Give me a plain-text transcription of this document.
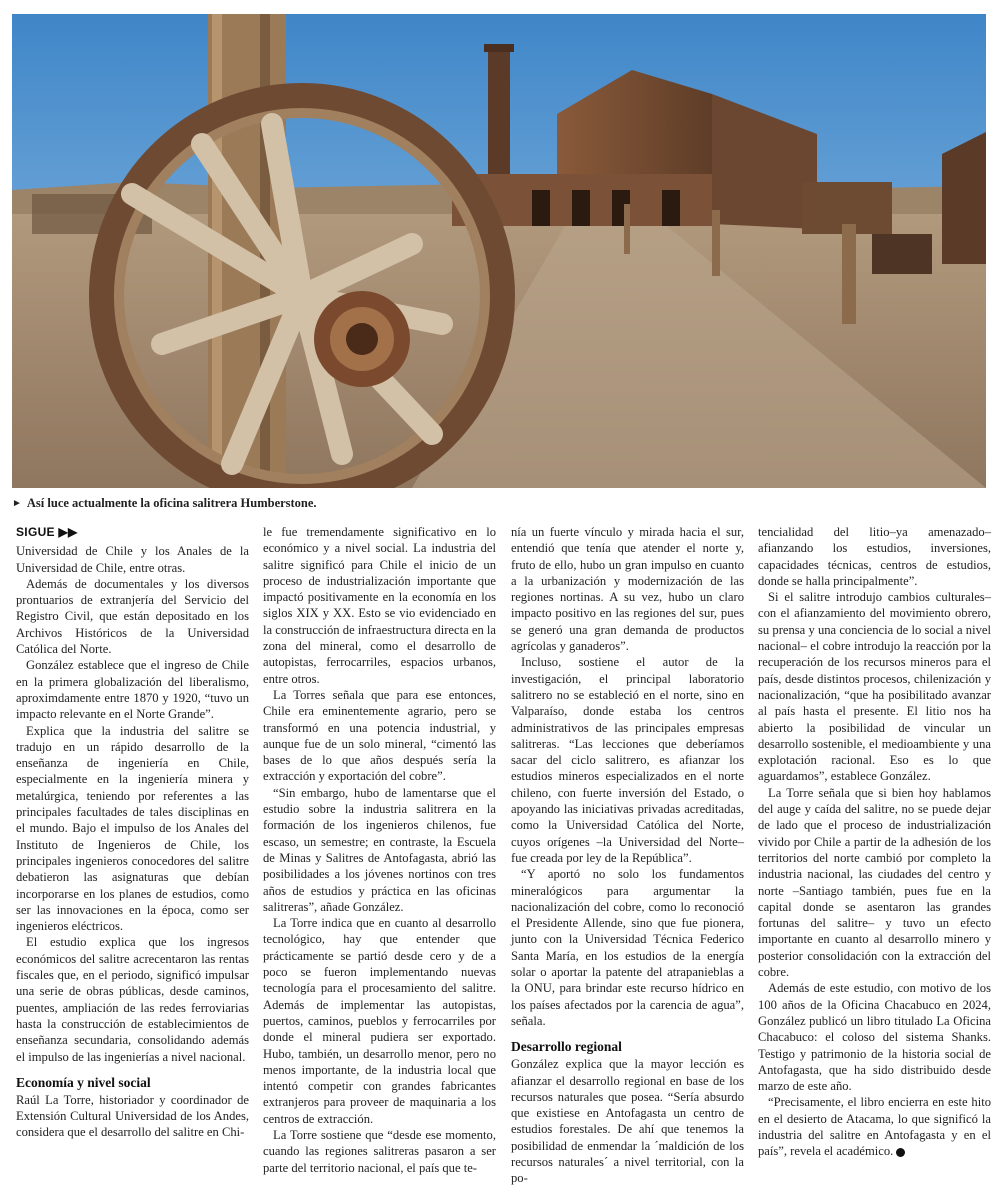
► Así luce actualmente la oficina salitrera Humberstone.
SIGUE ▶▶

Universidad de Chile y los Anales de la Universidad de Chile, entre otras.

Además de documentales y los diversos prontuarios de extranjería del Servicio del Registro Civil, que están depositado en los Archivos Históricos de la Universidad Católica del Norte.

González establece que el ingreso de Chile en la primera globalización del liberalismo, aproximdamente entre 1870 y 1920, “tuvo un impacto relevante en el Norte Grande”.

Explica que la industria del salitre se tradujo en un rápido desarrollo de la enseñanza de ingeniería en Chile, especialmente en la ingeniería minera y metalúrgica, teniendo por referentes a las principales facultades de tales disciplinas en el mundo. Bajo el impulso de los Anales del Instituto de Ingenieros de Chile, los principales ingenieros conocedores del salitre debatieron las asignaturas que debían incorporarse en los planes de estudios, como ser las innovaciones en la época, como ser ingenieros eléctricos.

El estudio explica que los ingresos económicos del salitre acrecentaron las rentas fiscales que, en el periodo, significó impulsar una serie de obras públicas, desde caminos, puentes, ampliación de las redes ferroviarias hasta la construcción de establecimientos de enseñanza secundaria, consolidando además el impulso de las ingenierías a nivel nacional.

Economía y nivel social

Raúl La Torre, historiador y coordinador de Extensión Cultural Universidad de los Andes, considera que el desarrollo del salitre en Chi-

le fue tremendamente significativo en lo económico y a nivel social. La industria del salitre significó para Chile el inicio de un proceso de industrialización importante que impactó positivamente en la economía en los siglos XIX y XX. Esto se vio evidenciado en la construcción de infraestructura directa en la zona del mineral, como el desarrollo de autopistas, ferrocarriles, espacios urbanos, entre otros.

La Torres señala que para ese entonces, Chile era eminentemente agrario, pero se transformó en una potencia industrial, y aunque fue de un solo mineral, “cimentó las bases de lo que años después sería la extracción y exportación del cobre”.

“Sin embargo, hubo de lamentarse que el estudio sobre la industria salitrera en la formación de los ingenieros chilenos, fue escaso, un semestre; en contraste, la Escuela de Minas y Salitres de Antofagasta, abrió las posibilidades a los jóvenes nortinos con tres años de estudios y práctica en las oficinas salitreras”, añade González.

La Torre indica que en cuanto al desarrollo tecnológico, hay que entender que prácticamente se partió desde cero y de a poco se fueron implementando nuevas tecnología para el procesamiento del salitre. Además de implementar las autopistas, puertos, caminos, pueblos y ferrocarriles por donde el mineral pudiera ser exportado. Hubo, también, un desarrollo menor, pero no menos importante, de la industria local que intentó competir con grandes fabricantes extranjeros para proveer de maquinaria a los centros de extracción.

La Torre sostiene que “desde ese momento, cuando las regiones salitreras pasaron a ser parte del territorio nacional, el país que te-

nía un fuerte vínculo y mirada hacia el sur, entendió que tenía que atender el norte y, fruto de ello, hubo un gran impulso en cuanto a la urbanización y modernización de las regiones nortinas. A su vez, hubo un claro impacto positivo en las regiones del sur, pues se generó una gran demanda de productos agrícolas y ganaderos”.

Incluso, sostiene el autor de la investigación, el principal laboratorio salitrero no se estableció en el norte, sino en Valparaíso, donde estaba los centros administrativos de las principales empresas salitreras. “Las lecciones que deberíamos sacar del ciclo salitrero, es afianzar los estudios mineros especializados en el norte chileno, con fuerte inversión del Estado, o apoyando las iniciativas privadas acreditadas, como la Universidad Católica del Norte, cuyos orígenes –la Universidad del Norte– fue creada por ley de la República”.

“Y aportó no solo los fundamentos mineralógicos para argumentar la nacionalización del cobre, como lo reconoció el Presidente Allende, sino que fue pionera, junto con la Universidad Técnica Federico Santa María, en los estudios de la energía solar o aportar la patente del atrapanieblas a la ONU, para brindar este recurso hídrico en los países afectados por la carencia de agua”, señala.

Desarrollo regional

González explica que la mayor lección es afianzar el desarrollo regional en base de los recursos naturales que posea. “Sería absurdo que existiese en Antofagasta un centro de estudios forestales. De ahí que tenemos la posibilidad de enmendar la ´maldición de los recursos naturales´ a nivel territorial, con la po-

tencialidad del litio–ya amenazado– afianzando los estudios, inversiones, capacidades técnicas, centros de estudios, donde se halla principalmente”.

Si el salitre introdujo cambios culturales–con el afianzamiento del movimiento obrero, su prensa y una conciencia de lo social a nivel nacional– el cobre introdujo la reacción por la recuperación de los recursos mineros para el país, desde distintos procesos, chilenización y nacionalización, “que ha posibilitado avanzar al país hasta el presente. El litio nos ha abierto la posibilidad de vincular un desarrollo sostenible, el medioambiente y una explotación racional. Eso es lo que aguardamos”, establece González.

La Torre señala que si bien hoy hablamos del auge y caída del salitre, no se puede dejar de lado que el proceso de industrialización vivido por Chile a partir de la adhesión de los territorios del norte cambió por completo la industria nacional, las ciudades del centro y norte –Santiago también, pues fue en la capital donde se asentaron las grandes fortunas del salitre– y tuvo un efecto importante en cuanto al desarrollo minero y posterior consolidación con la extracción del cobre.

Además de este estudio, con motivo de los 100 años de la Oficina Chacabuco en 2024, González publicó un libro titulado La Oficina Chacabuco: el coloso del sistema Shanks. Testigo y patrimonio de la historia social de Antofagasta, que ha sido distribuido desde marzo de este año.

“Precisamente, el libro encierra en este hito en el desierto de Atacama, lo que significó la industria del salitre en Antofagasta y en el país”, revela el académico.
